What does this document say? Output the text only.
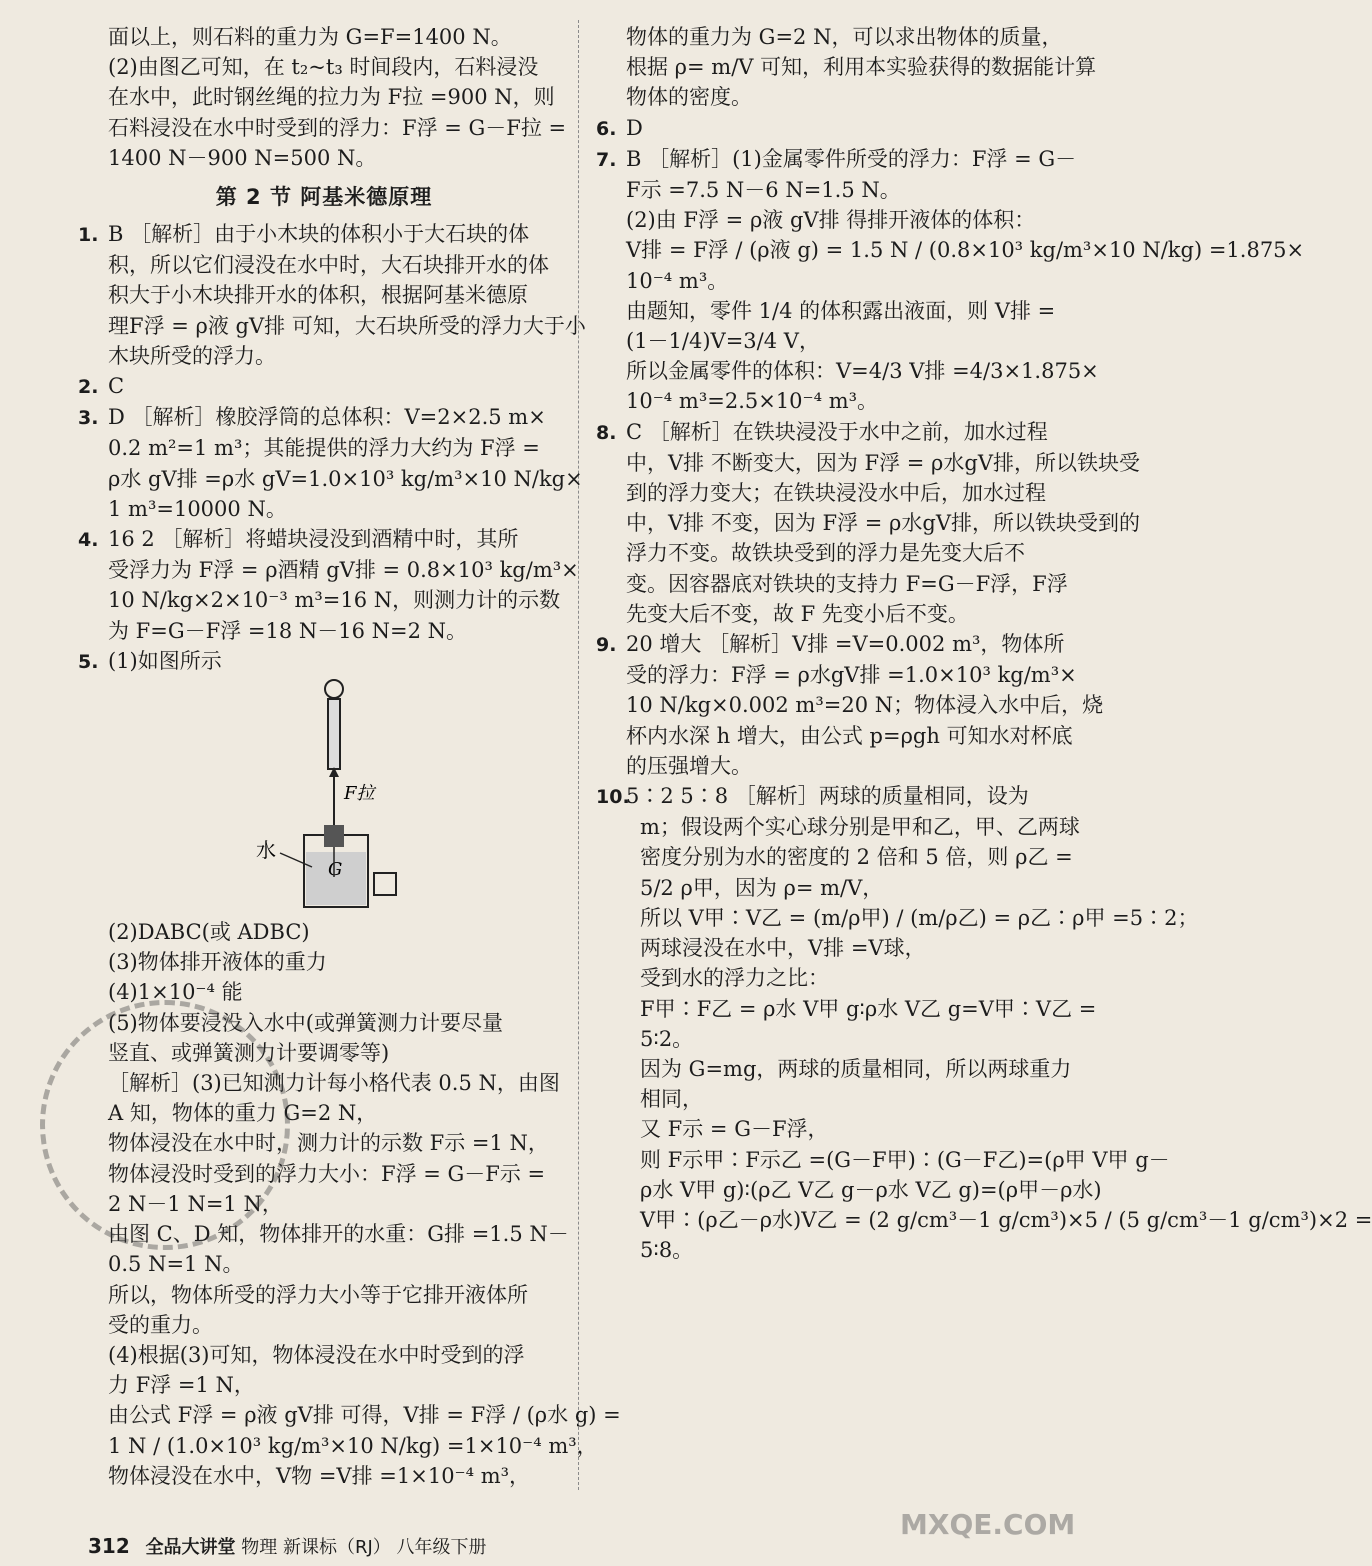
面以上，则石料的重力为 G=F=1400 N。
(2)由图乙可知，在 t₂~t₃ 时间段内，石料浸没
在水中，此时钢丝绳的拉力为 F拉 =900 N，则
石料浸没在水中时受到的浮力：F浮 = G－F拉 =
1400 N－900 N=500 N。
第 2 节 阿基米德原理
1. B ［解析］由于小木块的体积小于大石块的体
积，所以它们浸没在水中时，大石块排开水的体
积大于小木块排开水的体积，根据阿基米德原
理F浮 = ρ液 gV排 可知，大石块所受的浮力大于小
木块所受的浮力。
2. C
3. D ［解析］橡胶浮筒的总体积：V=2×2.5 m×
0.2 m²=1 m³；其能提供的浮力大约为 F浮 =
ρ水 gV排 =ρ水 gV=1.0×10³ kg/m³×10 N/kg×
1 m³=10000 N。
4. 16 2 ［解析］将蜡块浸没到酒精中时，其所
受浮力为 F浮 = ρ酒精 gV排 = 0.8×10³ kg/m³×
10 N/kg×2×10⁻³ m³=16 N，则测力计的示数
为 F=G－F浮 =18 N－16 N=2 N。
5. (1)如图所示
F拉
G
水
(2)DABC(或 ADBC)
(3)物体排开液体的重力
(4)1×10⁻⁴ 能
(5)物体要浸没入水中(或弹簧测力计要尽量
竖直、或弹簧测力计要调零等)
［解析］(3)已知测力计每小格代表 0.5 N，由图
A 知，物体的重力 G=2 N，
物体浸没在水中时，测力计的示数 F示 =1 N，
物体浸没时受到的浮力大小：F浮 = G－F示 =
2 N－1 N=1 N，
由图 C、D 知，物体排开的水重：G排 =1.5 N－
0.5 N=1 N。
所以，物体所受的浮力大小等于它排开液体所
受的重力。
(4)根据(3)可知，物体浸没在水中时受到的浮
力 F浮 =1 N，
由公式 F浮 = ρ液 gV排 可得，V排 = F浮 / (ρ水 g) =
1 N / (1.0×10³ kg/m³×10 N/kg) =1×10⁻⁴ m³，
物体浸没在水中，V物 =V排 =1×10⁻⁴ m³，
物体的重力为 G=2 N，可以求出物体的质量，
根据 ρ= m/V 可知，利用本实验获得的数据能计算
物体的密度。
6. D
7. B ［解析］(1)金属零件所受的浮力：F浮 = G－
F示 =7.5 N－6 N=1.5 N。
(2)由 F浮 = ρ液 gV排 得排开液体的体积：
V排 = F浮 / (ρ液 g) = 1.5 N / (0.8×10³ kg/m³×10 N/kg) =1.875×
10⁻⁴ m³。
由题知，零件 1/4 的体积露出液面，则 V排 =
(1－1/4)V=3/4 V，
所以金属零件的体积：V=4/3 V排 =4/3×1.875×
10⁻⁴ m³=2.5×10⁻⁴ m³。
8. C ［解析］在铁块浸没于水中之前，加水过程
中，V排 不断变大，因为 F浮 = ρ水gV排，所以铁块受
到的浮力变大；在铁块浸没水中后，加水过程
中，V排 不变，因为 F浮 = ρ水gV排，所以铁块受到的
浮力不变。故铁块受到的浮力是先变大后不
变。因容器底对铁块的支持力 F=G－F浮，F浮
先变大后不变，故 F 先变小后不变。
9. 20 增大 ［解析］V排 =V=0.002 m³，物体所
受的浮力：F浮 = ρ水gV排 =1.0×10³ kg/m³×
10 N/kg×0.002 m³=20 N；物体浸入水中后，烧
杯内水深 h 增大，由公式 p=ρgh 可知水对杯底
的压强增大。
10.5∶2 5∶8 ［解析］两球的质量相同，设为
m；假设两个实心球分别是甲和乙，甲、乙两球
密度分别为水的密度的 2 倍和 5 倍，则 ρ乙 =
5/2 ρ甲，因为 ρ= m/V，
所以 V甲∶V乙 = (m/ρ甲) / (m/ρ乙) = ρ乙∶ρ甲 =5∶2；
两球浸没在水中，V排 =V球，
受到水的浮力之比：
F甲∶F乙 = ρ水 V甲 g∶ρ水 V乙 g=V甲∶V乙 =
5∶2。
因为 G=mg，两球的质量相同，所以两球重力
相同，
又 F示 = G－F浮，
则 F示甲∶F示乙 =(G－F甲)∶(G－F乙)=(ρ甲 V甲 g－
ρ水 V甲 g)∶(ρ乙 V乙 g－ρ水 V乙 g)=(ρ甲－ρ水)
V甲∶(ρ乙－ρ水)V乙 = (2 g/cm³－1 g/cm³)×5 / (5 g/cm³－1 g/cm³)×2 =
5∶8。
MXQE.COM
312 全品大讲堂 物理 新课标（RJ） 八年级下册
